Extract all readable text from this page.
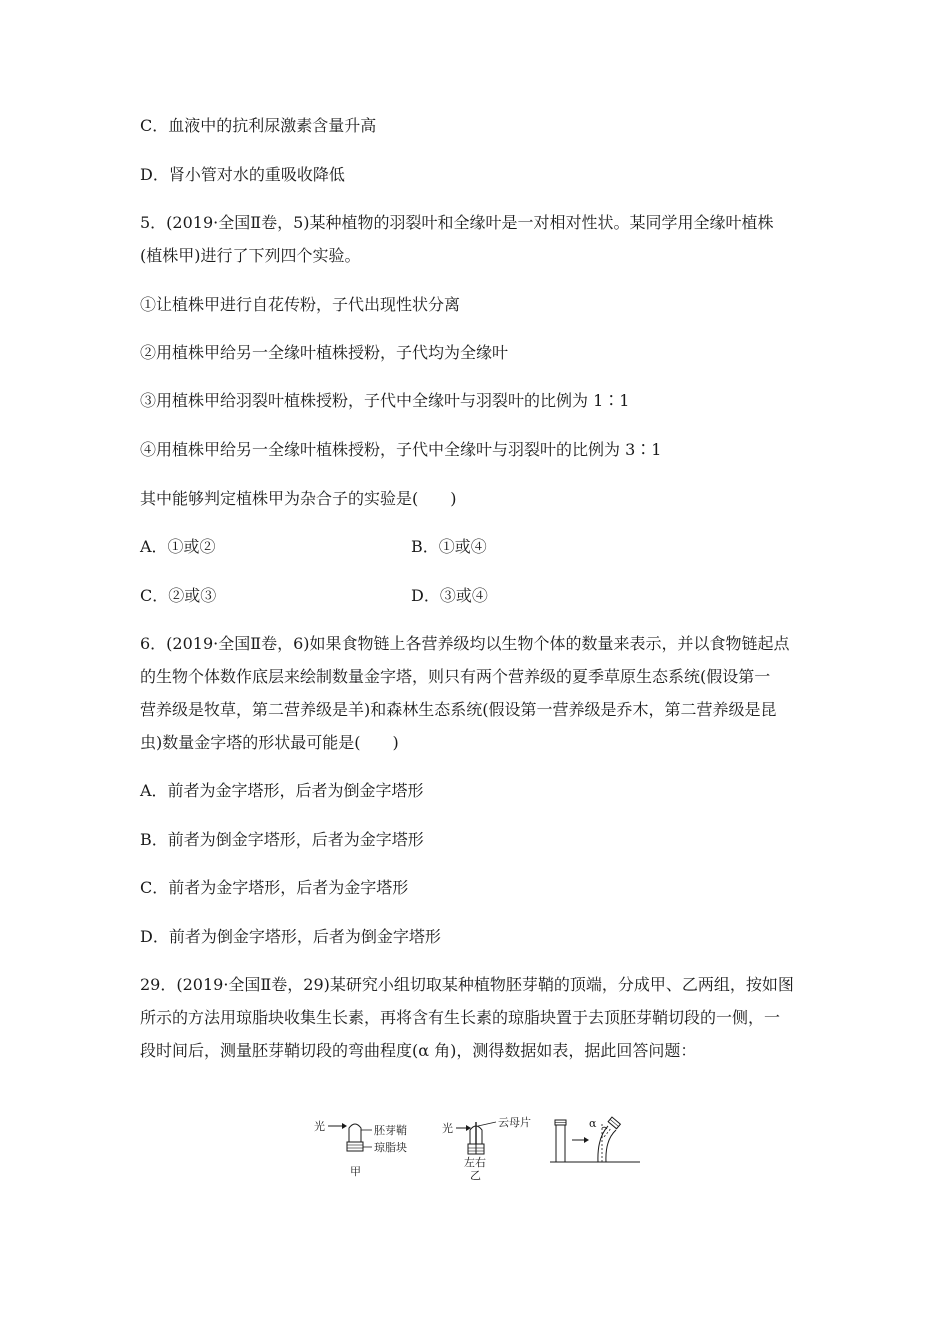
C．血液中的抗利尿激素含量升高
D．肾小管对水的重吸收降低
5．(2019·全国Ⅱ卷，5)某种植物的羽裂叶和全缘叶是一对相对性状。某同学用全缘叶植株
(植株甲)进行了下列四个实验。
①让植株甲进行自花传粉，子代出现性状分离
②用植株甲给另一全缘叶植株授粉，子代均为全缘叶
③用植株甲给羽裂叶植株授粉，子代中全缘叶与羽裂叶的比例为 1∶1
④用植株甲给另一全缘叶植株授粉，子代中全缘叶与羽裂叶的比例为 3∶1
其中能够判定植株甲为杂合子的实验是(　　)
A．①或②	B．①或④
C．②或③	D．③或④
6．(2019·全国Ⅱ卷，6)如果食物链上各营养级均以生物个体的数量来表示，并以食物链起点
的生物个体数作底层来绘制数量金字塔，则只有两个营养级的夏季草原生态系统(假设第一
营养级是牧草，第二营养级是羊)和森林生态系统(假设第一营养级是乔木，第二营养级是昆
虫)数量金字塔的形状最可能是(　　)
A．前者为金字塔形，后者为倒金字塔形
B．前者为倒金字塔形，后者为金字塔形
C．前者为金字塔形，后者为金字塔形
D．前者为倒金字塔形，后者为倒金字塔形
29．(2019·全国Ⅱ卷，29)某研究小组切取某种植物胚芽鞘的顶端，分成甲、乙两组，按如图
所示的方法用琼脂块收集生长素，再将含有生长素的琼脂块置于去顶胚芽鞘切段的一侧，一
段时间后，测量胚芽鞘切段的弯曲程度(α 角)，测得数据如表，据此回答问题：
光	胚芽鞘
琼脂块
甲
光	云母片
左右
乙
α
